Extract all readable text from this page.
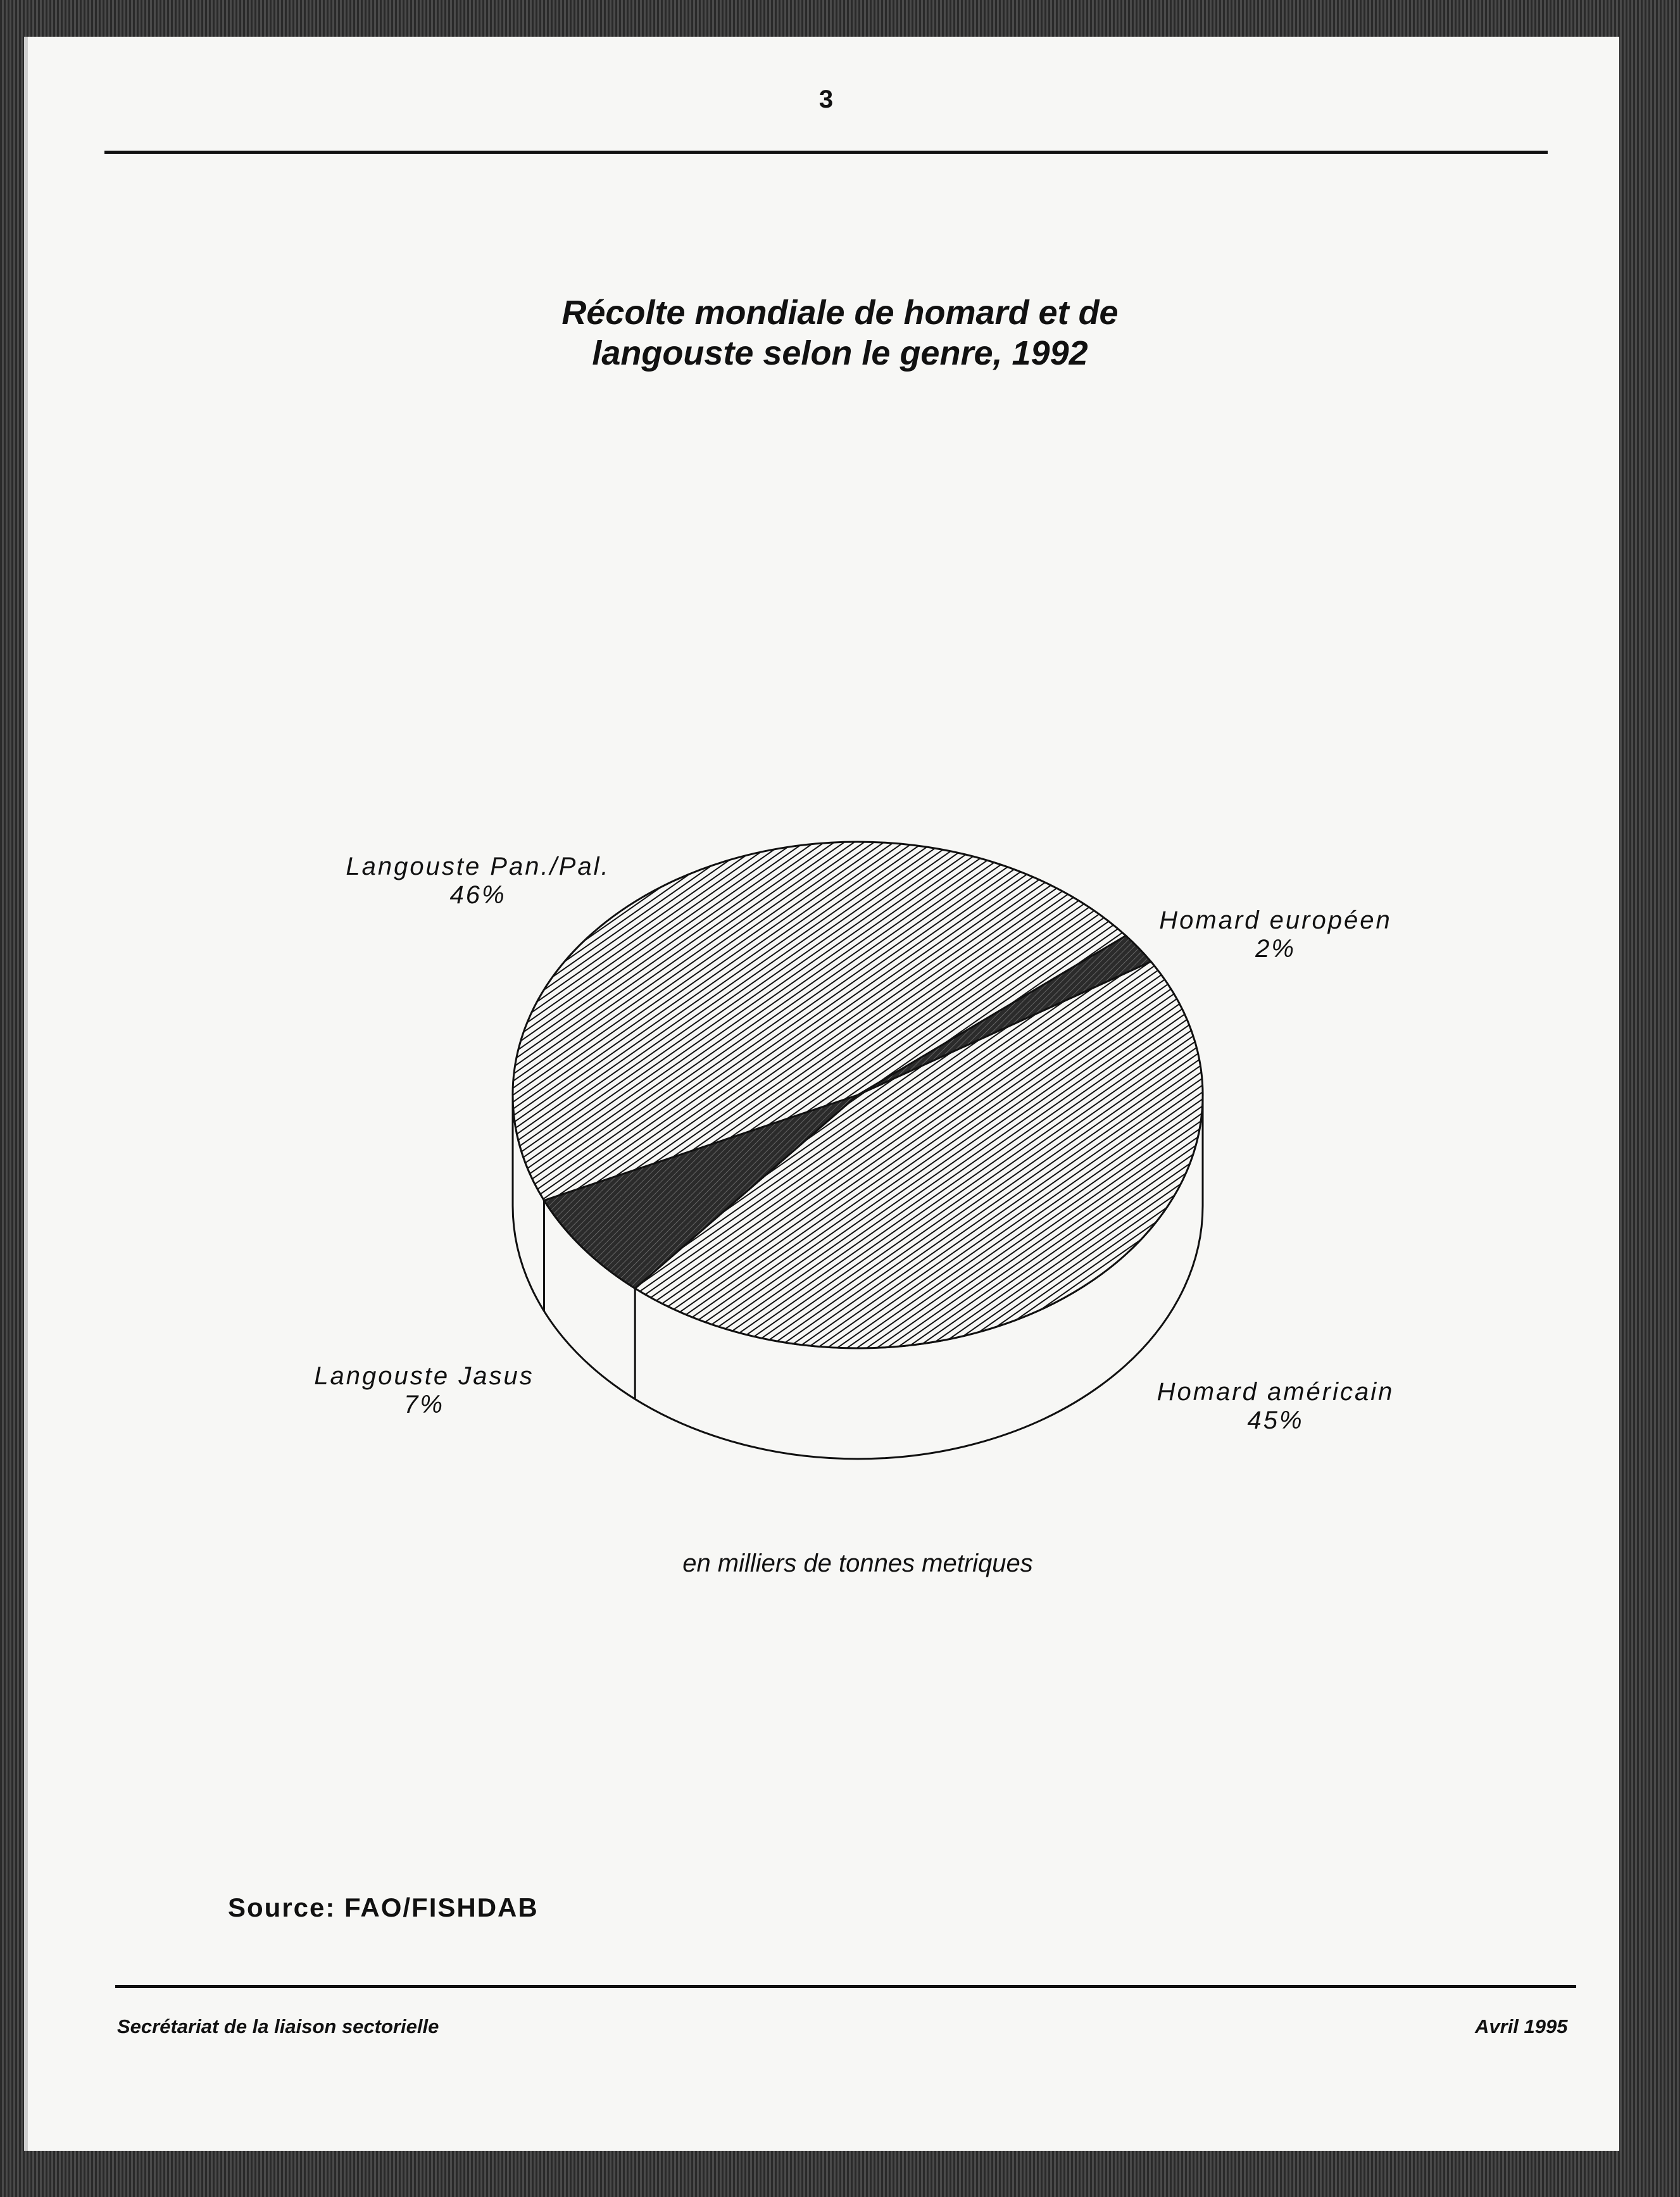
3
Récolte mondiale de homard et de
langouste selon le genre, 1992
Homard européen
2%
Homard américain
45%
Langouste Jasus
7%
Langouste Pan./Pal.
46%
en milliers de tonnes metriques
Source: FAO/FISHDAB
Secrétariat de la liaison sectorielle	Avril 1995
